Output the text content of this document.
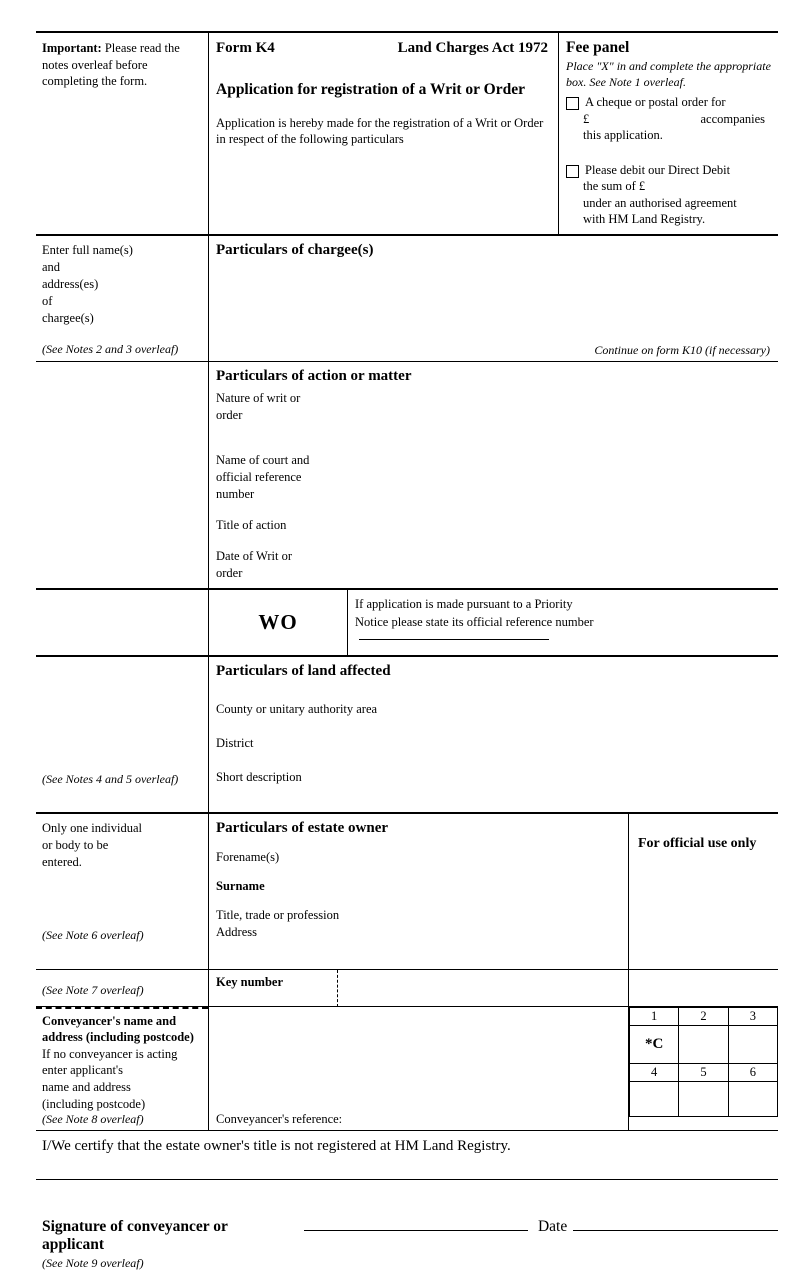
Important: Please read the notes overleaf before completing the form.
Form K4	Land Charges Act 1972
Application for registration of a Writ or Order
Application is hereby made for the registration of a Writ or Order in respect of the following particulars
Fee panel
Place "X" in and complete the appropriate box. See Note 1 overleaf.
A cheque or postal order for
£	accompanies
this application.
Please debit our Direct Debit
the sum of £
under an authorised agreement
with HM Land Registry.
Enter full name(s)
and
address(es)
of
chargee(s)
(See Notes 2 and 3 overleaf)
Particulars of chargee(s)
Continue on form K10 (if necessary)

Particulars of action or matter
Nature of writ or
order
Name of court and
official reference
number
Title of action
Date of Writ or
order

WO
If application is made pursuant to a Priority
Notice please state its official reference number
(See Notes 4 and 5 overleaf)
Particulars of land affected
County or unitary authority area
District
Short description
Only one individual
or body to be
entered.
(See Note 6 overleaf)
Particulars of estate owner
Forename(s)
Surname
Title, trade or profession
Address
For official use only
(See Note 7 overleaf)
Key number

Conveyancer's name and address (including postcode)
If no conveyancer is acting
enter applicant's
name and address
(including postcode)
(See Note 8 overleaf)	Conveyancer's reference:
1	2	3
*C		
4	5	6

I/We certify that the estate owner's title is not registered at HM Land Registry.
Signature of conveyancer or applicant
Date
(See Note 9 overleaf)
